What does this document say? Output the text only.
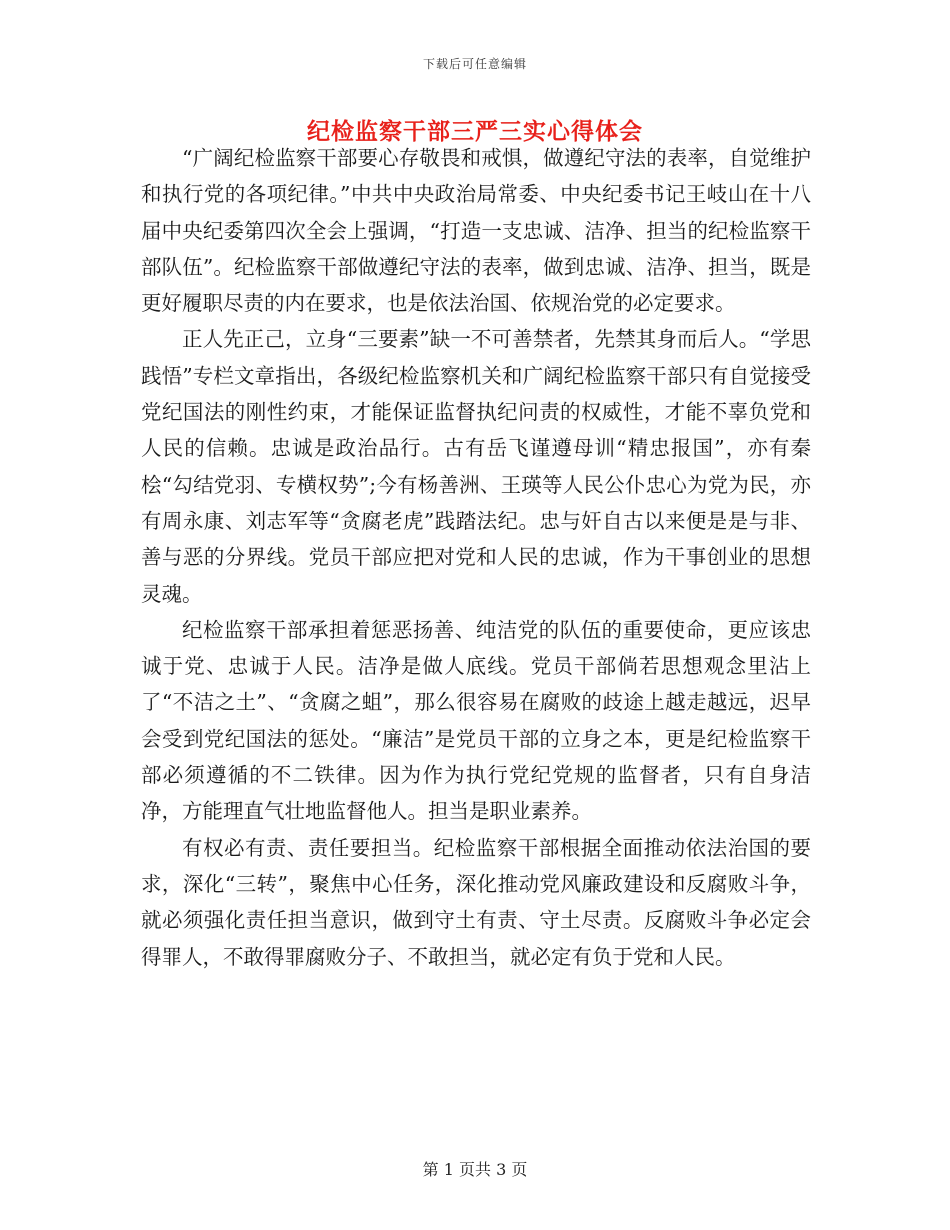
下载后可任意编辑
纪检监察干部三严三实心得体会

“广阔纪检监察干部要心存敬畏和戒惧，做遵纪守法的表率，自觉维护和执行党的各项纪律。”中共中央政治局常委、中央纪委书记王岐山在十八届中央纪委第四次全会上强调，“打造一支忠诚、洁净、担当的纪检监察干部队伍”。纪检监察干部做遵纪守法的表率，做到忠诚、洁净、担当，既是更好履职尽责的内在要求，也是依法治国、依规治党的必定要求。

正人先正己，立身“三要素”缺一不可善禁者，先禁其身而后人。“学思践悟”专栏文章指出，各级纪检监察机关和广阔纪检监察干部只有自觉接受党纪国法的刚性约束，才能保证监督执纪问责的权威性，才能不辜负党和人民的信赖。忠诚是政治品行。古有岳飞谨遵母训“精忠报国”，亦有秦桧“勾结党羽、专横权势”;今有杨善洲、王瑛等人民公仆忠心为党为民，亦有周永康、刘志军等“贪腐老虎”践踏法纪。忠与奸自古以来便是是与非、善与恶的分界线。党员干部应把对党和人民的忠诚，作为干事创业的思想灵魂。

纪检监察干部承担着惩恶扬善、纯洁党的队伍的重要使命，更应该忠诚于党、忠诚于人民。洁净是做人底线。党员干部倘若思想观念里沾上了“不洁之土”、“贪腐之蛆”，那么很容易在腐败的歧途上越走越远，迟早会受到党纪国法的惩处。“廉洁”是党员干部的立身之本，更是纪检监察干部必须遵循的不二铁律。因为作为执行党纪党规的监督者，只有自身洁净，方能理直气壮地监督他人。担当是职业素养。

有权必有责、责任要担当。纪检监察干部根据全面推动依法治国的要求，深化“三转”，聚焦中心任务，深化推动党风廉政建设和反腐败斗争，就必须强化责任担当意识，做到守土有责、守土尽责。反腐败斗争必定会得罪人，不敢得罪腐败分子、不敢担当，就必定有负于党和人民。

第 1 页共 3 页
